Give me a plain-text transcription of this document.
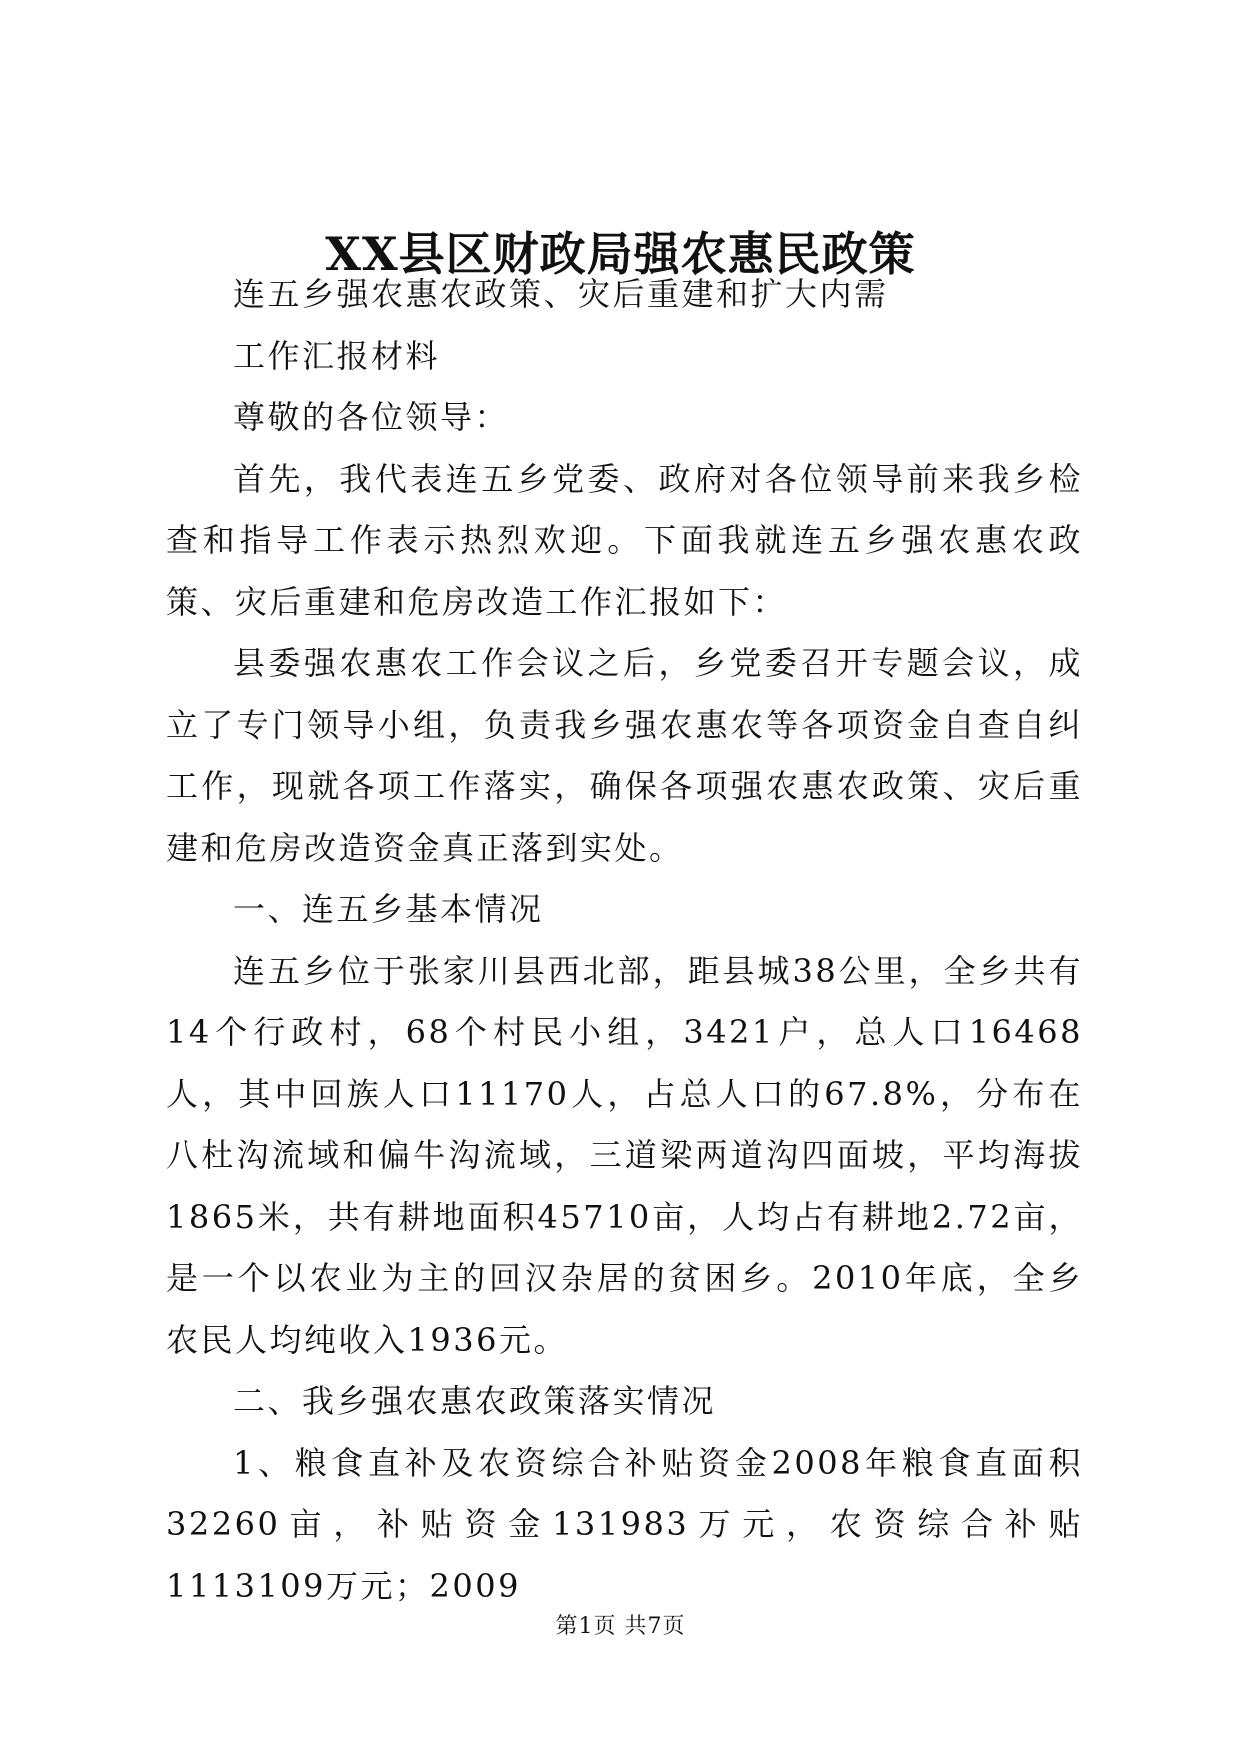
XX县区财政局强农惠民政策

连五乡强农惠农政策、灾后重建和扩大内需

工作汇报材料

尊敬的各位领导：

首先，我代表连五乡党委、政府对各位领导前来我乡检查和指导工作表示热烈欢迎。下面我就连五乡强农惠农政策、灾后重建和危房改造工作汇报如下：

县委强农惠农工作会议之后，乡党委召开专题会议，成立了专门领导小组，负责我乡强农惠农等各项资金自查自纠工作，现就各项工作落实，确保各项强农惠农政策、灾后重建和危房改造资金真正落到实处。

一、连五乡基本情况

连五乡位于张家川县西北部，距县城38公里，全乡共有14个行政村，68个村民小组，3421户，总人口16468人，其中回族人口11170人，占总人口的67.8%，分布在八杜沟流域和偏牛沟流域，三道梁两道沟四面坡，平均海拔1865米，共有耕地面积45710亩，人均占有耕地2.72亩，是一个以农业为主的回汉杂居的贫困乡。2010年底，全乡农民人均纯收入1936元。

二、我乡强农惠农政策落实情况

1、粮食直补及农资综合补贴资金2008年粮食直面积32260亩，补贴资金131983万元，农资综合补贴1113109万元；2009

第1页 共7页
